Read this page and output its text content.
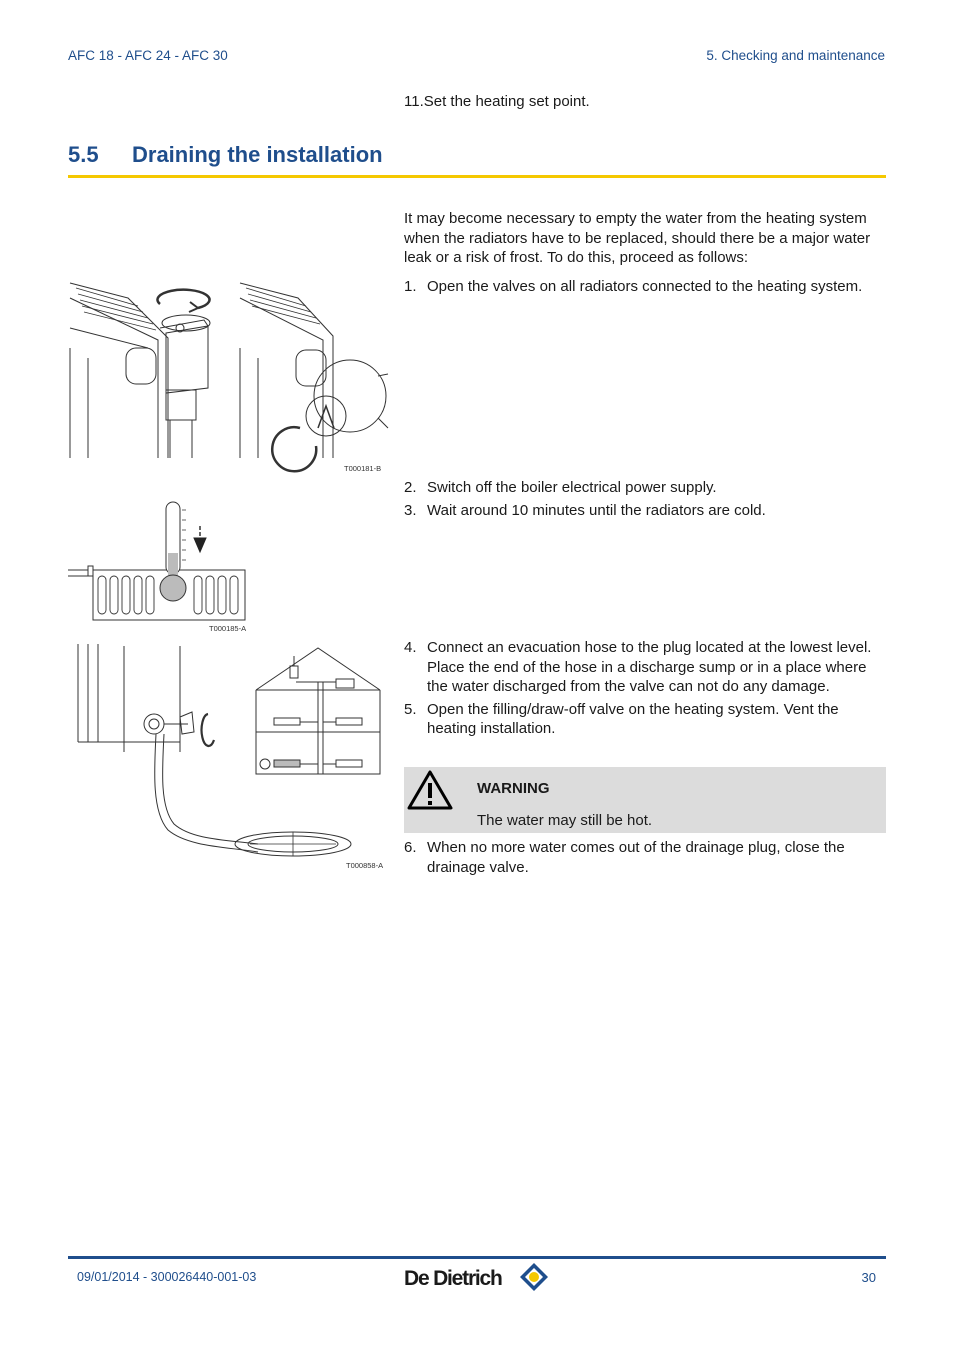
AFC 18 - AFC 24 - AFC 30	5. Checking and maintenance
11.Set the heating set point.
5.5 Draining the installation
It may become necessary to empty the water from the heating system when the radiators have to be replaced, should there be a major water leak or a risk of frost. To do this, proceed as follows:
1. Open the valves on all radiators connected to the heating system.
2. Switch off the boiler electrical power supply.
3. Wait around 10 minutes until the radiators are cold.
4. Connect an evacuation hose to the plug located at the lowest level. Place the end of the hose in a discharge sump or in a place where the water discharged from the valve can not do any damage.
5. Open the filling/draw-off valve on the heating system. Vent the heating installation.
WARNING
The water may still be hot.
6. When no more water comes out of the drainage plug, close the drainage valve.
T000181-B
T000185-A
T000858-A
09/01/2014 - 300026440-001-03	De Dietrich	30
